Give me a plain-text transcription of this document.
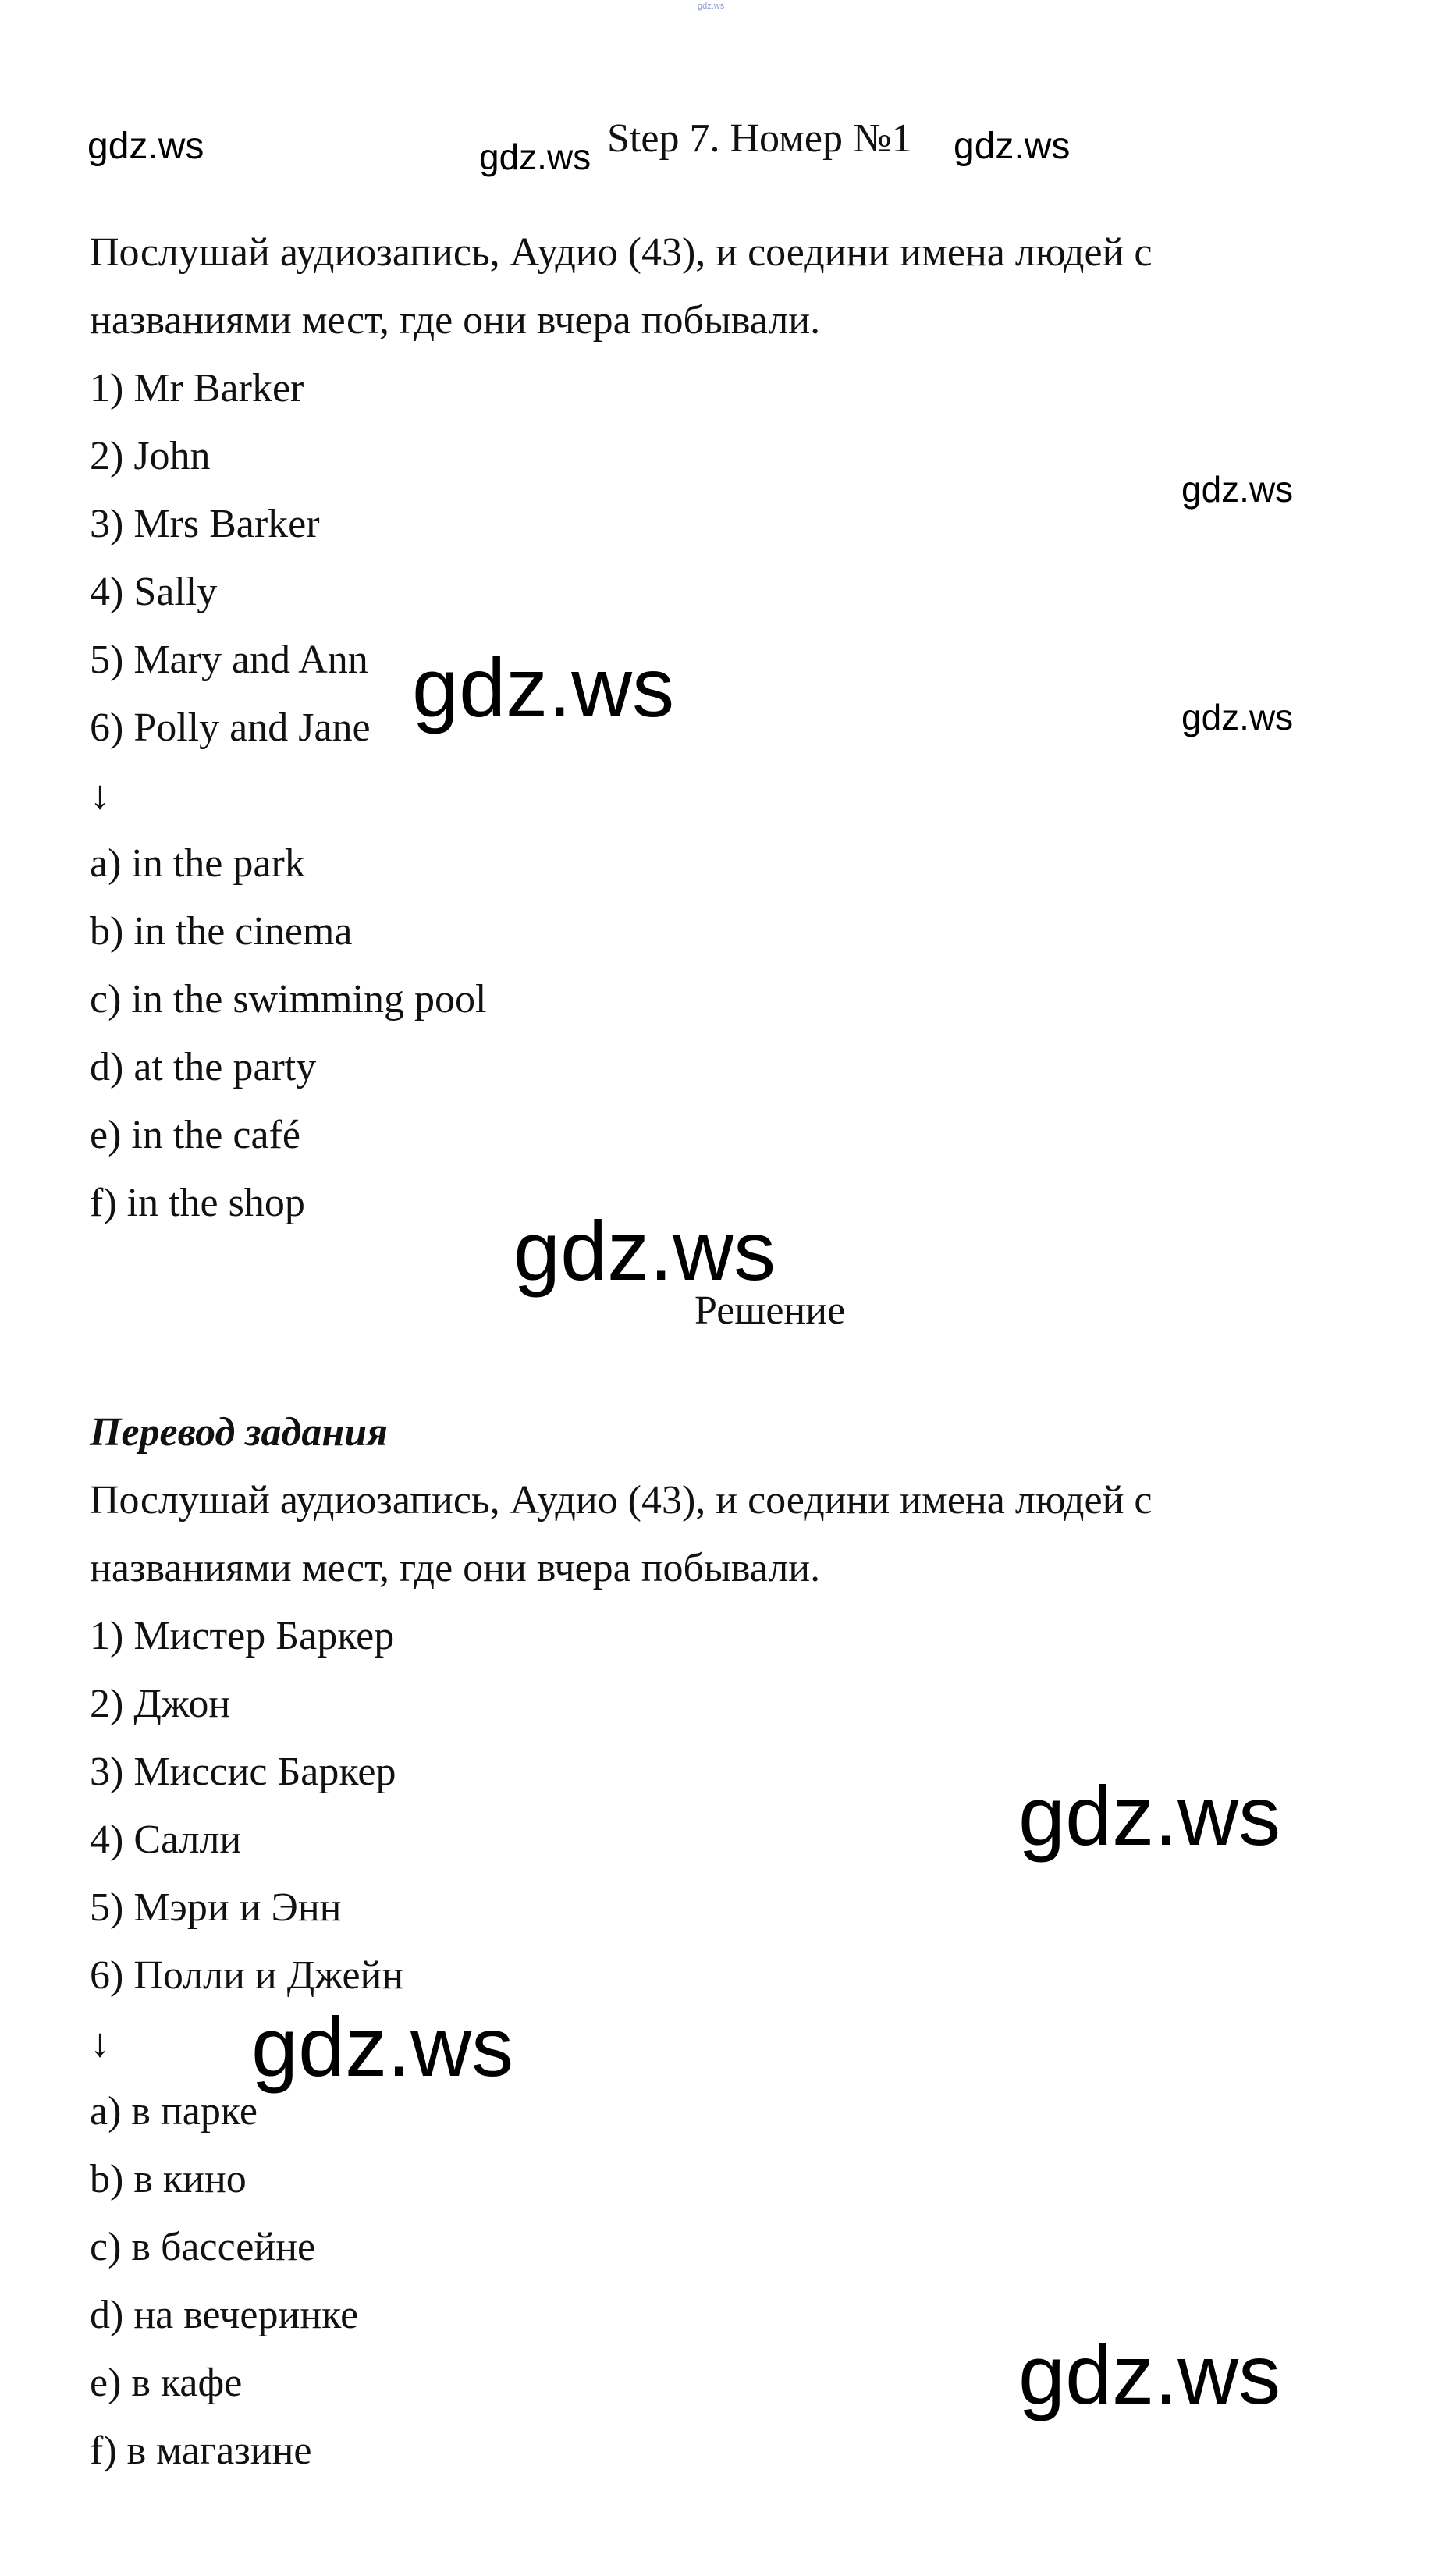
gdz.ws
gdz.ws	gdz.ws	gdz.ws
gdz.ws
gdz.ws	gdz.ws
gdz.ws
gdz.ws
gdz.ws
gdz.ws
Step 7. Номер №1
Послушай аудиозапись, Аудио (43), и соедини имена людей с
названиями мест, где они вчера побывали.
1) Mr Barker
2) John
3) Mrs Barker
4) Sally
5) Mary and Ann
6) Polly and Jane
↓
a) in the park
b) in the cinema
c) in the swimming pool
d) at the party
e) in the café
f) in the shop
Решение
Перевод задания
Послушай аудиозапись, Аудио (43), и соедини имена людей с
названиями мест, где они вчера побывали.
1) Мистер Баркер
2) Джон
3) Миссис Баркер
4) Салли
5) Мэри и Энн
6) Полли и Джейн
↓
a) в парке
b) в кино
c) в бассейне
d) на вечеринке
e) в кафе
f) в магазине
